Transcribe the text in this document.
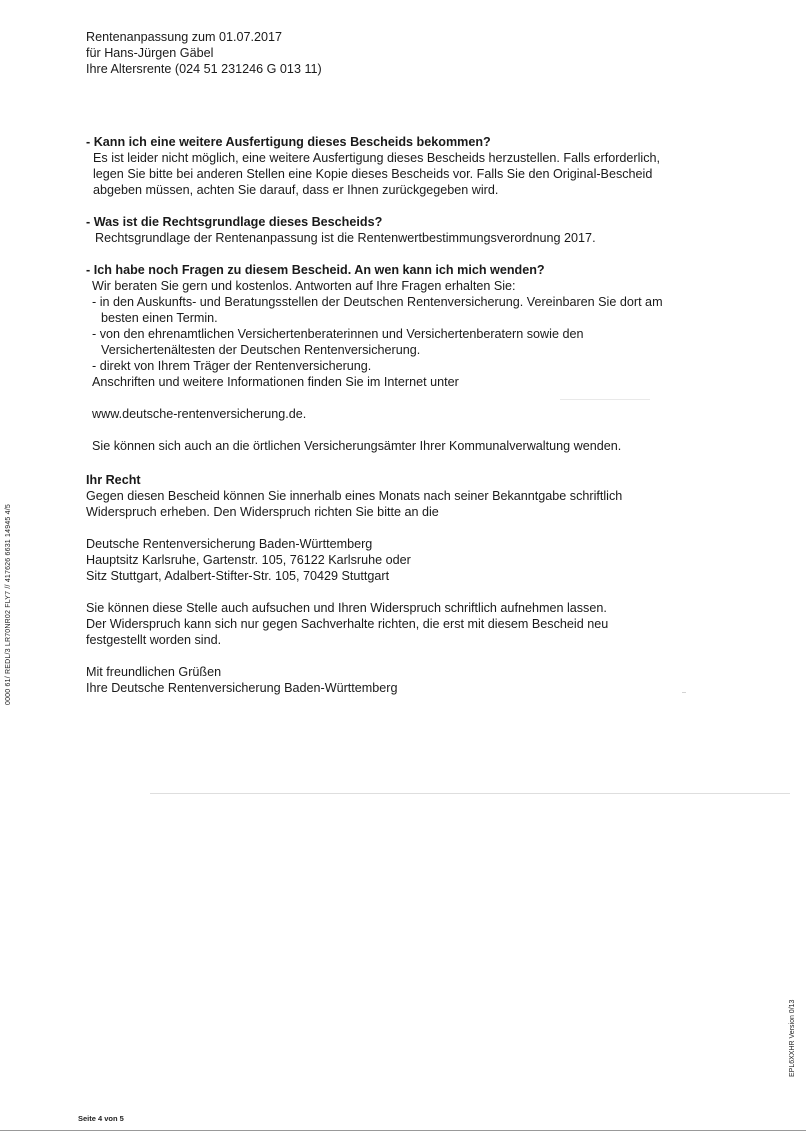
Rentenanpassung zum 01.07.2017
für Hans-Jürgen Gäbel
Ihre Altersrente (024 51 231246 G 013 11)
- Kann ich eine weitere Ausfertigung dieses Bescheids bekommen?
Es ist leider nicht möglich, eine weitere Ausfertigung dieses Bescheids herzustellen. Falls erforderlich,
legen Sie bitte bei anderen Stellen eine Kopie dieses Bescheids vor. Falls Sie den Original-Bescheid
abgeben müssen, achten Sie darauf, dass er Ihnen zurückgegeben wird.
- Was ist die Rechtsgrundlage dieses Bescheids?
Rechtsgrundlage der Rentenanpassung ist die Rentenwertbestimmungsverordnung 2017.
- Ich habe noch Fragen zu diesem Bescheid. An wen kann ich mich wenden?
Wir beraten Sie gern und kostenlos. Antworten auf Ihre Fragen erhalten Sie:
- in den Auskunfts- und Beratungsstellen der Deutschen Rentenversicherung. Vereinbaren Sie dort am
besten einen Termin.
- von den ehrenamtlichen Versichertenberaterinnen und Versichertenberatern sowie den
Versichertenältesten der Deutschen Rentenversicherung.
- direkt von Ihrem Träger der Rentenversicherung.
Anschriften und weitere Informationen finden Sie im Internet unter
www.deutsche-rentenversicherung.de.
Sie können sich auch an die örtlichen Versicherungsämter Ihrer Kommunalverwaltung wenden.
Ihr Recht
Gegen diesen Bescheid können Sie innerhalb eines Monats nach seiner Bekanntgabe schriftlich
Widerspruch erheben. Den Widerspruch richten Sie bitte an die
Deutsche Rentenversicherung Baden-Württemberg
Hauptsitz Karlsruhe, Gartenstr. 105, 76122 Karlsruhe oder
Sitz Stuttgart, Adalbert-Stifter-Str. 105, 70429 Stuttgart
Sie können diese Stelle auch aufsuchen und Ihren Widerspruch schriftlich aufnehmen lassen.
Der Widerspruch kann sich nur gegen Sachverhalte richten, die erst mit diesem Bescheid neu
festgestellt worden sind.
Mit freundlichen Grüßen
Ihre Deutsche Rentenversicherung Baden-Württemberg
0000 61/ REDL/3 LR70NR02 FLY7 // 417626 6631 14945 4/5
EPL6XXHR Version 0/13
Seite 4 von 5
